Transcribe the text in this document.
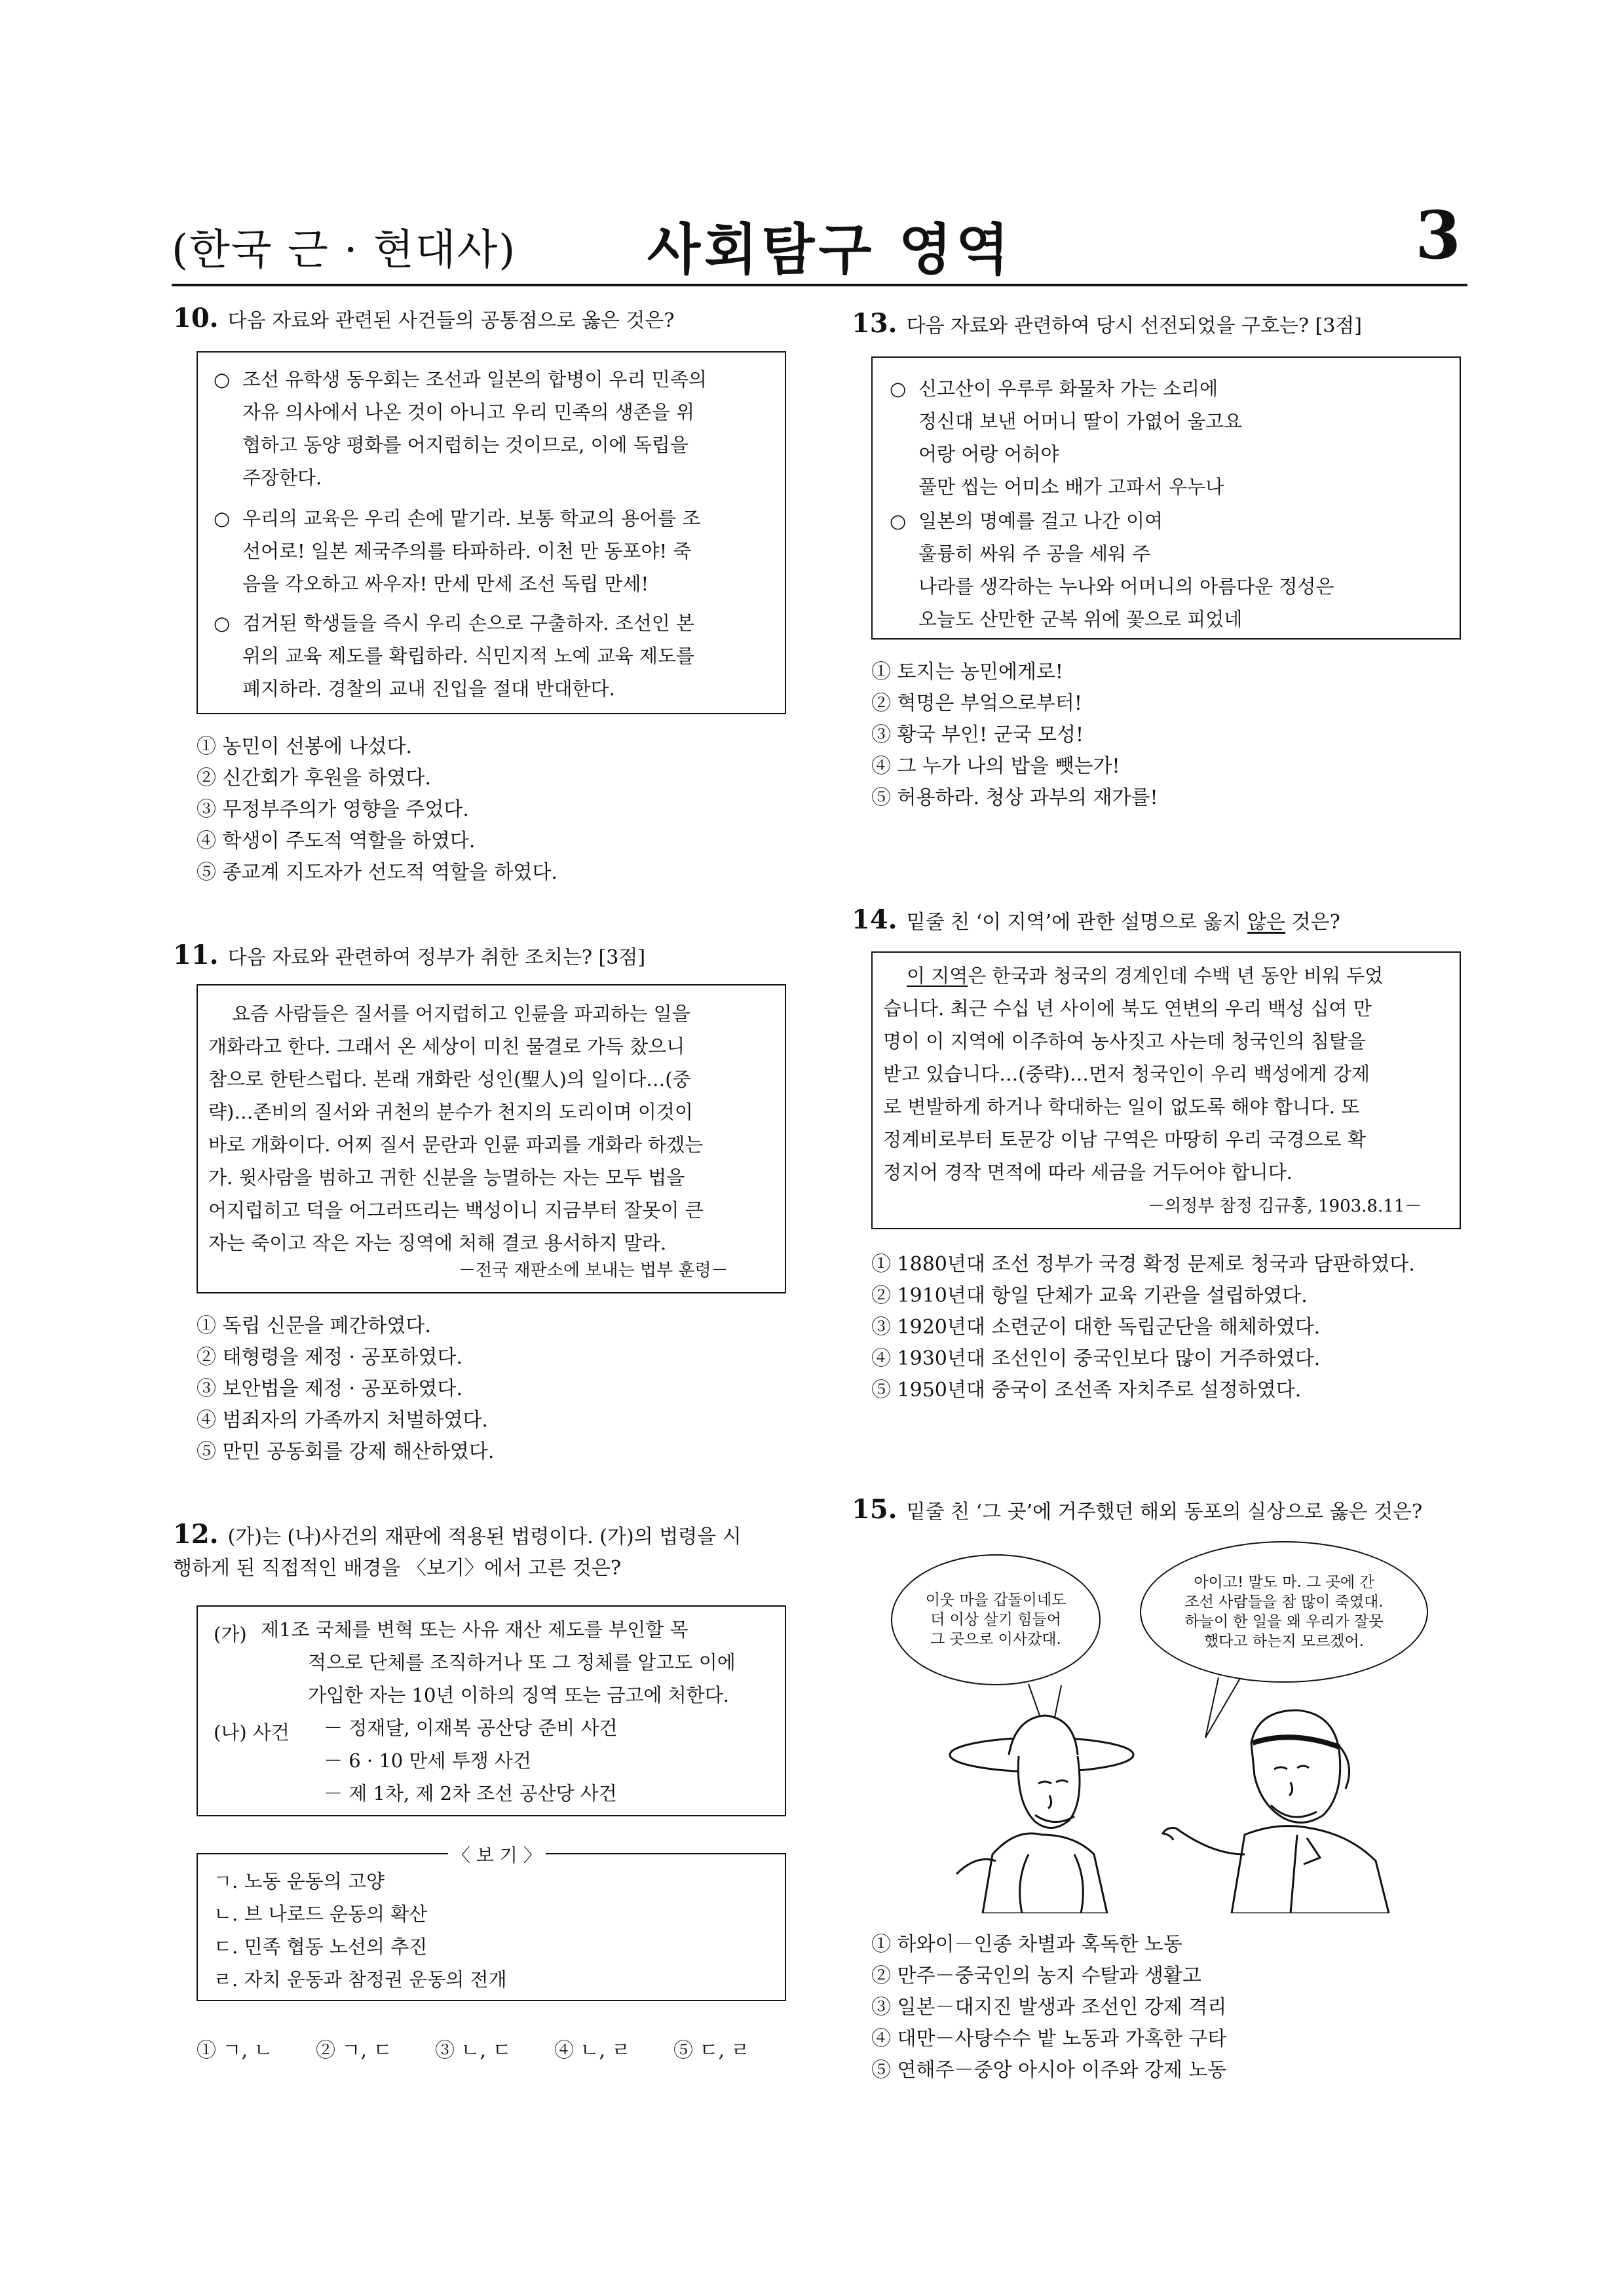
(한국 근 · 현대사) 사회탐구 영역	3
10. 다음 자료와 관련된 사건들의 공통점으로 옳은 것은?
○ 조선 유학생 동우회는 조선과 일본의 합병이 우리 민족의
자유 의사에서 나온 것이 아니고 우리 민족의 생존을 위
협하고 동양 평화를 어지럽히는 것이므로, 이에 독립을
주장한다.
○ 우리의 교육은 우리 손에 맡기라. 보통 학교의 용어를 조
선어로! 일본 제국주의를 타파하라. 이천 만 동포야! 죽
음을 각오하고 싸우자! 만세 만세 조선 독립 만세!
○ 검거된 학생들을 즉시 우리 손으로 구출하자. 조선인 본
위의 교육 제도를 확립하라. 식민지적 노예 교육 제도를
폐지하라. 경찰의 교내 진입을 절대 반대한다.
① 농민이 선봉에 나섰다.
② 신간회가 후원을 하였다.
③ 무정부주의가 영향을 주었다.
④ 학생이 주도적 역할을 하였다.
⑤ 종교계 지도자가 선도적 역할을 하였다.
11. 다음 자료와 관련하여 정부가 취한 조치는? [3점]
요즘 사람들은 질서를 어지럽히고 인륜을 파괴하는 일을
개화라고 한다. 그래서 온 세상이 미친 물결로 가득 찼으니
참으로 한탄스럽다. 본래 개화란 성인(聖人)의 일이다…(중
략)…존비의 질서와 귀천의 분수가 천지의 도리이며 이것이
바로 개화이다. 어찌 질서 문란과 인륜 파괴를 개화라 하겠는
가. 윗사람을 범하고 귀한 신분을 능멸하는 자는 모두 법을
어지럽히고 덕을 어그러뜨리는 백성이니 지금부터 잘못이 큰
자는 죽이고 작은 자는 징역에 처해 결코 용서하지 말라.
－전국 재판소에 보내는 법부 훈령－
① 독립 신문을 폐간하였다.
② 태형령을 제정 · 공포하였다.
③ 보안법을 제정 · 공포하였다.
④ 범죄자의 가족까지 처벌하였다.
⑤ 만민 공동회를 강제 해산하였다.
12. (가)는 (나)사건의 재판에 적용된 법령이다. (가)의 법령을 시
행하게 된 직접적인 배경을 〈보기〉에서 고른 것은?
(가) 제1조 국체를 변혁 또는 사유 재산 제도를 부인할 목
적으로 단체를 조직하거나 또 그 정체를 알고도 이에
가입한 자는 10년 이하의 징역 또는 금고에 처한다.
(나) 사건 － 정재달, 이재복 공산당 준비 사건
－ 6 · 10 만세 투쟁 사건
－ 제 1차, 제 2차 조선 공산당 사건
〈 보 기 〉
ㄱ. 노동 운동의 고양
ㄴ. 브 나로드 운동의 확산
ㄷ. 민족 협동 노선의 추진
ㄹ. 자치 운동과 참정권 운동의 전개
① ㄱ, ㄴ ② ㄱ, ㄷ ③ ㄴ, ㄷ ④ ㄴ, ㄹ ⑤ ㄷ, ㄹ
13. 다음 자료와 관련하여 당시 선전되었을 구호는? [3점]
○ 신고산이 우루루 화물차 가는 소리에
정신대 보낸 어머니 딸이 가엾어 울고요
어랑 어랑 어허야
풀만 씹는 어미소 배가 고파서 우누나
○ 일본의 명예를 걸고 나간 이여
훌륭히 싸워 주 공을 세워 주
나라를 생각하는 누나와 어머니의 아름다운 정성은
오늘도 산만한 군복 위에 꽃으로 피었네
① 토지는 농민에게로!
② 혁명은 부엌으로부터!
③ 황국 부인! 군국 모성!
④ 그 누가 나의 밥을 뺏는가!
⑤ 허용하라. 청상 과부의 재가를!
14. 밑줄 친 ‘이 지역’에 관한 설명으로 옳지 않은 것은?
이 지역은 한국과 청국의 경계인데 수백 년 동안 비워 두었
습니다. 최근 수십 년 사이에 북도 연변의 우리 백성 십여 만
명이 이 지역에 이주하여 농사짓고 사는데 청국인의 침탈을
받고 있습니다…(중략)…먼저 청국인이 우리 백성에게 강제
로 변발하게 하거나 학대하는 일이 없도록 해야 합니다. 또
정계비로부터 토문강 이남 구역은 마땅히 우리 국경으로 확
정지어 경작 면적에 따라 세금을 거두어야 합니다.
－의정부 참정 김규홍, 1903.8.11－
① 1880년대 조선 정부가 국경 확정 문제로 청국과 담판하였다.
② 1910년대 항일 단체가 교육 기관을 설립하였다.
③ 1920년대 소련군이 대한 독립군단을 해체하였다.
④ 1930년대 조선인이 중국인보다 많이 거주하였다.
⑤ 1950년대 중국이 조선족 자치주로 설정하였다.
15. 밑줄 친 ‘그 곳’에 거주했던 해외 동포의 실상으로 옳은 것은?
이웃 마을 갑돌이네도
더 이상 살기 힘들어
그 곳으로 이사갔대.
아이고! 말도 마. 그 곳에 간
조선 사람들을 참 많이 죽였대.
하늘이 한 일을 왜 우리가 잘못
했다고 하는지 모르겠어.
① 하와이－인종 차별과 혹독한 노동
② 만주－중국인의 농지 수탈과 생활고
③ 일본－대지진 발생과 조선인 강제 격리
④ 대만－사탕수수 밭 노동과 가혹한 구타
⑤ 연해주－중앙 아시아 이주와 강제 노동
